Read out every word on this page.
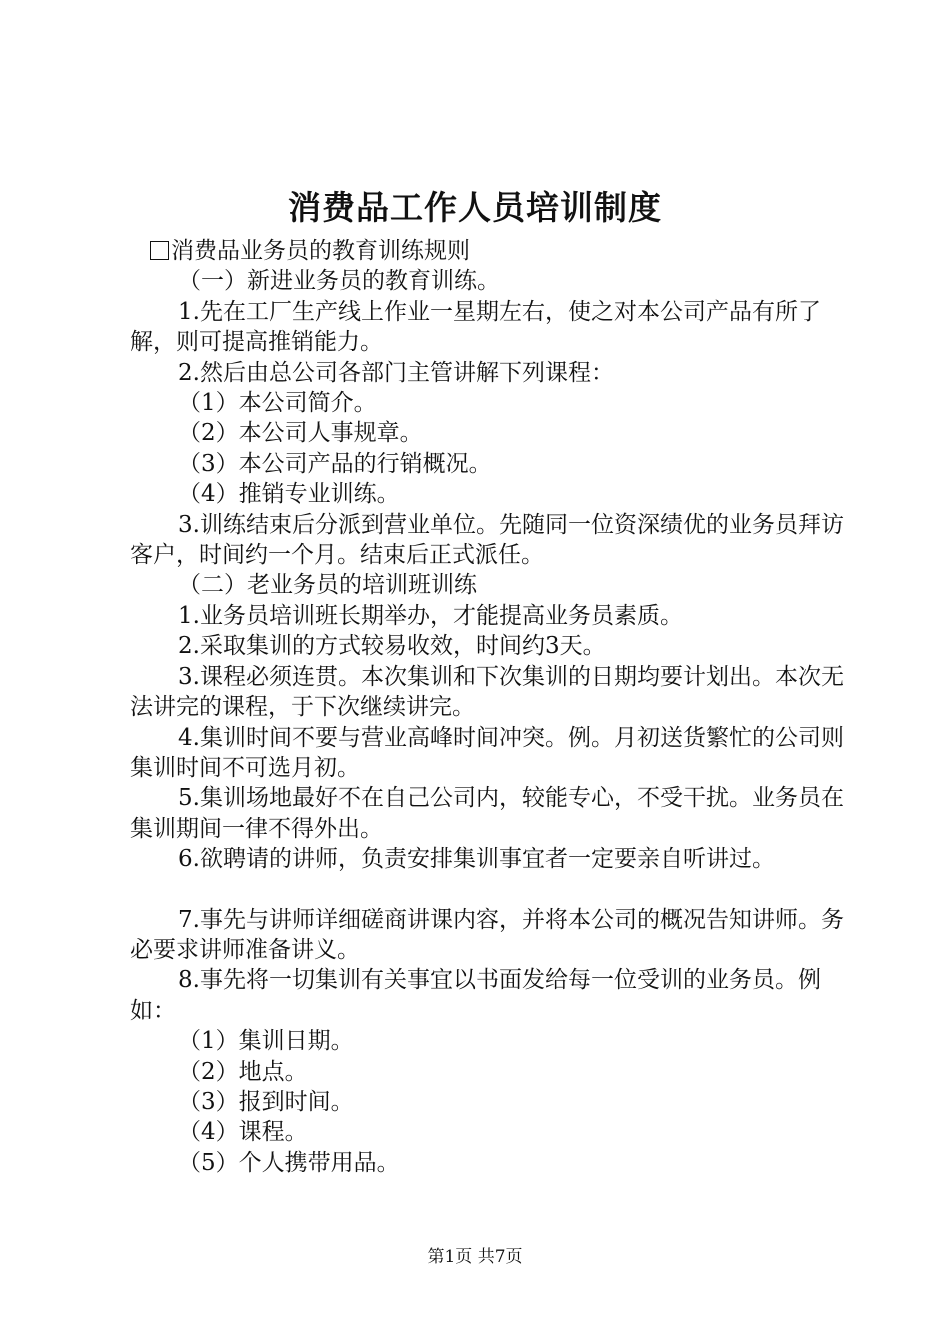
消费品工作人员培训制度

消费品业务员的教育训练规则

（一）新进业务员的教育训练。

1.先在工厂生产线上作业一星期左右，使之对本公司产品有所了解，则可提高推销能力。

2.然后由总公司各部门主管讲解下列课程：

（1）本公司简介。

（2）本公司人事规章。

（3）本公司产品的行销概况。

（4）推销专业训练。

3.训练结束后分派到营业单位。先随同一位资深绩优的业务员拜访客户，时间约一个月。结束后正式派任。

（二）老业务员的培训班训练

1.业务员培训班长期举办，才能提高业务员素质。

2.采取集训的方式较易收效，时间约3天。

3.课程必须连贯。本次集训和下次集训的日期均要计划出。本次无法讲完的课程，于下次继续讲完。

4.集训时间不要与营业高峰时间冲突。例。月初送货繁忙的公司则集训时间不可选月初。

5.集训场地最好不在自己公司内，较能专心，不受干扰。业务员在集训期间一律不得外出。

6.欲聘请的讲师，负责安排集训事宜者一定要亲自听讲过。

7.事先与讲师详细磋商讲课内容，并将本公司的概况告知讲师。务必要求讲师准备讲义。

8.事先将一切集训有关事宜以书面发给每一位受训的业务员。例如：

（1）集训日期。

（2）地点。

（3）报到时间。

（4）课程。

（5）个人携带用品。

第1页 共7页
